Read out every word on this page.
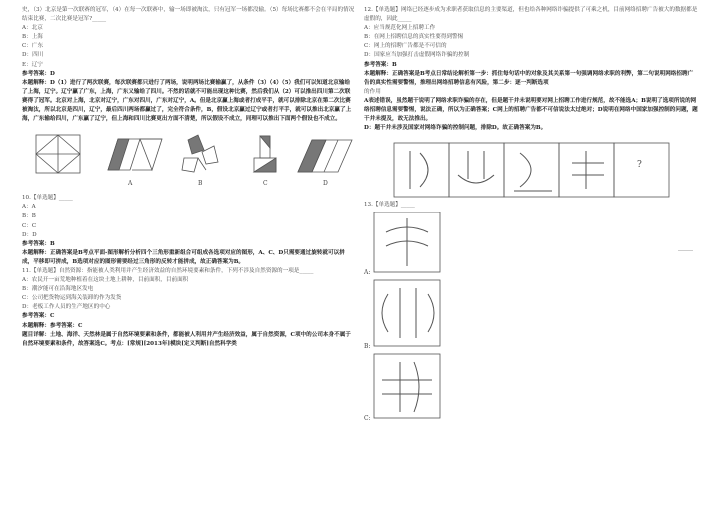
史，（3）北京是第一次联赛的冠军，（4）在每一次联赛中，输一场即被淘汰，只有冠军一场都没输。（5）每场比赛都不会在平局的情况结束比赛，二次比赛是冠军?_____

A：北京

B：上海

C：广东

D：四川

E：辽宁

参考答案：D

本题解释：D（1）进行了两次联赛，每次联赛都只进行了两场，说明两场比赛输赢了，从条件（3）（4）（5）我们可以知道北京输给了上海，辽宁。辽宁赢了广东，上海，广东又输给了四川。不然的话就不可能出现这种比赛，然后我们从（2）可以推出四川第二次联赛得了冠军。北京对上海，北京对辽宁，广东对四川，广东对辽宁，A。但是北京赢上海或者打成平手，就可以排除北京在第二次比赛被淘汰，所以北京是四川，辽宁，最后四川两场都赢过了，完全符合条件，B，假设北京赢过辽宁或者打平手，就可以推出北京赢了上海，广东输给四川，广东赢了辽宁，但上海和四川比赛更出方面不清楚，所以假设不成立，同理可以推出下面两个假设也不成立。

A	B	C	D

10.【单选题】_____

A：A

B：B

C：C

D：D

参考答案：B

本题解释：正确答案是B考点平面-图形解析分析四个三角形重新组合可组成各选项对应的图形，A、C、D只需要通过旋转就可以拼成，平移即可拼成，B选项对应的图形需要经过三角形的反转才能拼成，故正确答案为B。

11.【单选题】自然资源：指能被人类利用并产生经济效益的自然环境要素和条件，下列不涉及自然资源的一项是_____

A：农民开一亩荒地种植着在这块土地上耕种，目前面积，目前面积

B：潮汐能可在沿海地区发电

C：公司把货物运到海关装卸的作为发货

D：老板工作人员的生产地区的中心

参考答案：C

本题解释：参考答案：C

题目详解：土地、海洋、天然林是属于自然环境要素和条件，都能被人利用并产生经济效益，属于自然资源，C项中的公司本身不属于自然环境要素和条件，故答案选C。考点：[常规][2013年]模块[定义判断]自然科学类

12.【单选题】网络已经逐步成为求职者获取信息的主要渠道，但也给各种网络诈骗提供了可乘之机，目前网络招聘广告被大的数据都是虚假的，因此_____

A：应当规范化网上招聘工作

B：在网上招聘信息的真实性要得到警惕

C：网上的招聘广告都是不可信的

D：国家应当加强打击虚假网络诈骗的控制

参考答案：B

本题解释：正确答案是B考点日常结论解析第一步：抓住每句话中的对象及其关系第一句强调网络求职的利弊，第二句说明网络招聘广告的真实性需要警惕，推理出网络招聘信息有风险，第二步：逐一判断选项

的作用

A表述错误，虽然题干说明了网络求职诈骗的存在，但是题干并未说明要对网上招聘工作进行规范，故不能选A；B说明了选项所说的网络招聘信息需要警惕，说法正确，所以为正确答案；C网上的招聘广告都不可信说法太过绝对；D说明在网络中国家加强控制的问题，题干并未提及，故无法推出。

D：题干并未涉及国家对网络诈骗的控制问题，排除D。故正确答案为B。

?

13.【单选题】_____

A:
B:
C:
_____
